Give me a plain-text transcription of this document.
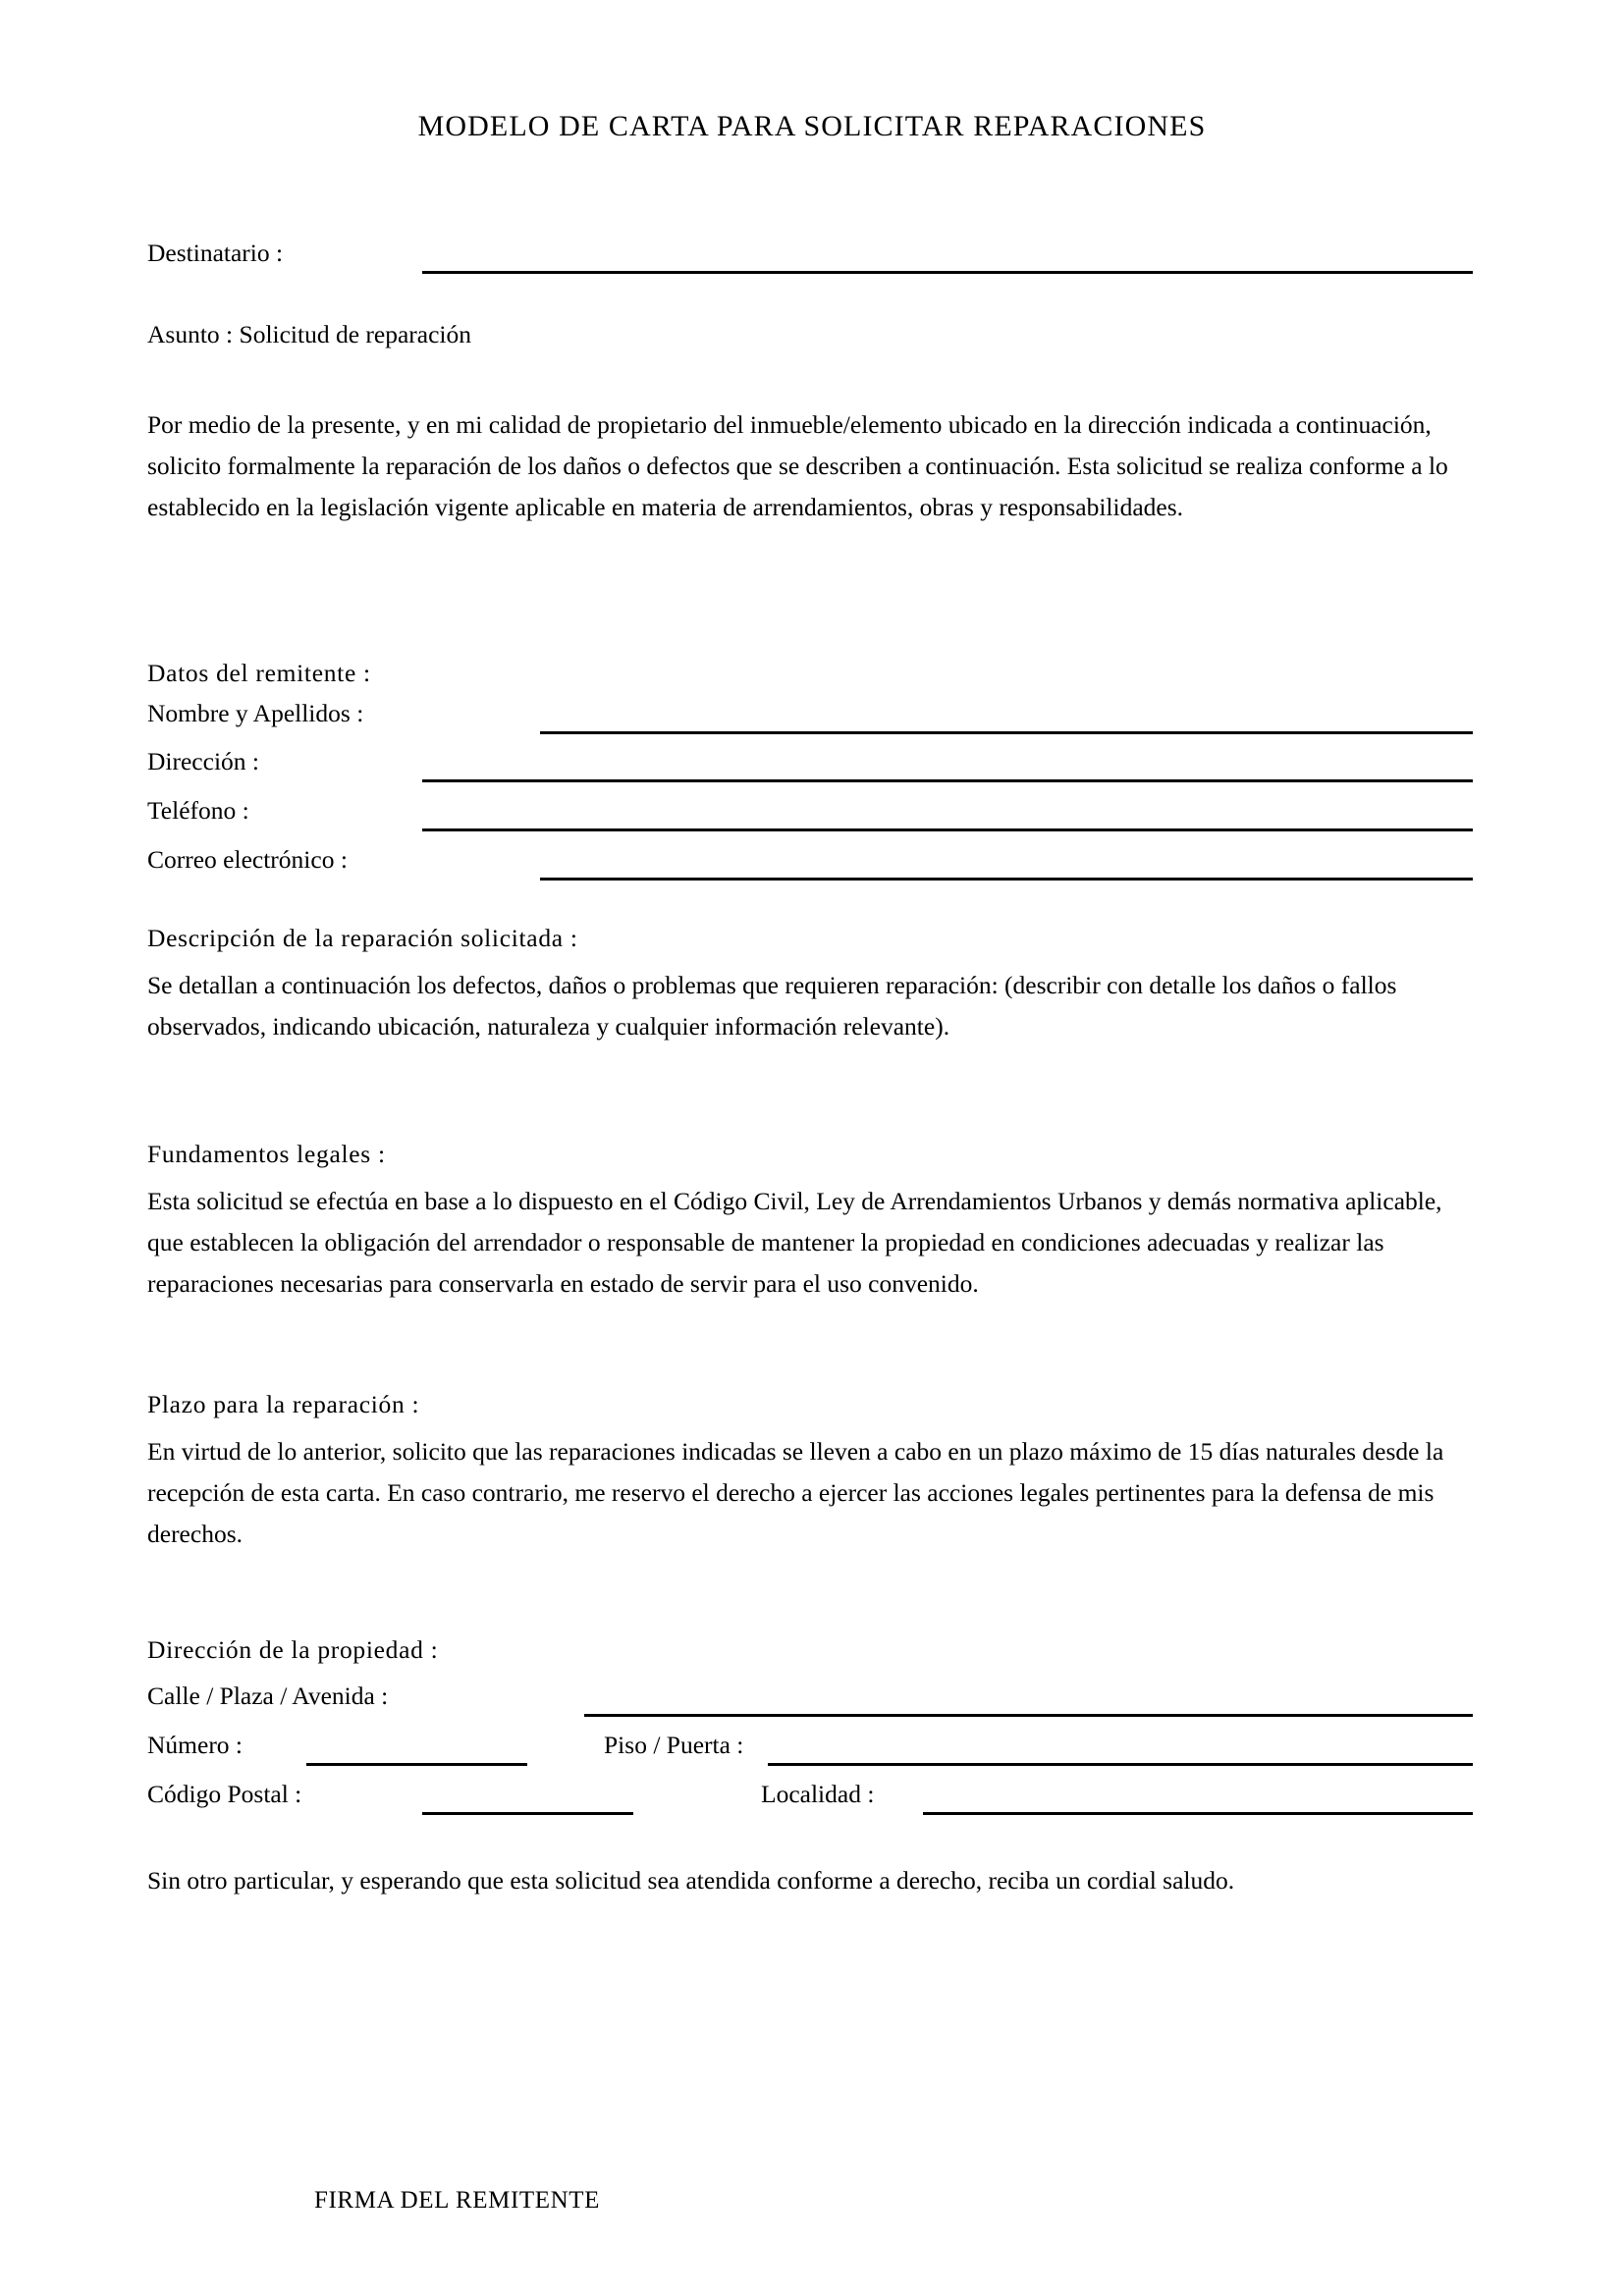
MODELO DE CARTA PARA SOLICITAR REPARACIONES
Destinatario :
Asunto : Solicitud de reparación
Por medio de la presente, y en mi calidad de propietario del inmueble/elemento ubicado en la dirección indicada a continuación, solicito formalmente la reparación de los daños o defectos que se describen a continuación. Esta solicitud se realiza conforme a lo establecido en la legislación vigente aplicable en materia de arrendamientos, obras y responsabilidades.
Datos del remitente :
Nombre y Apellidos :
Dirección :
Teléfono :
Correo electrónico :
Descripción de la reparación solicitada :
Se detallan a continuación los defectos, daños o problemas que requieren reparación: (describir con detalle los daños o fallos observados, indicando ubicación, naturaleza y cualquier información relevante).
Fundamentos legales :
Esta solicitud se efectúa en base a lo dispuesto en el Código Civil, Ley de Arrendamientos Urbanos y demás normativa aplicable, que establecen la obligación del arrendador o responsable de mantener la propiedad en condiciones adecuadas y realizar las reparaciones necesarias para conservarla en estado de servir para el uso convenido.
Plazo para la reparación :
En virtud de lo anterior, solicito que las reparaciones indicadas se lleven a cabo en un plazo máximo de 15 días naturales desde la recepción de esta carta. En caso contrario, me reservo el derecho a ejercer las acciones legales pertinentes para la defensa de mis derechos.
Dirección de la propiedad :
Calle / Plaza / Avenida :
Número :	Piso / Puerta :
Código Postal :	Localidad :
Sin otro particular, y esperando que esta solicitud sea atendida conforme a derecho, reciba un cordial saludo.
FIRMA DEL REMITENTE
